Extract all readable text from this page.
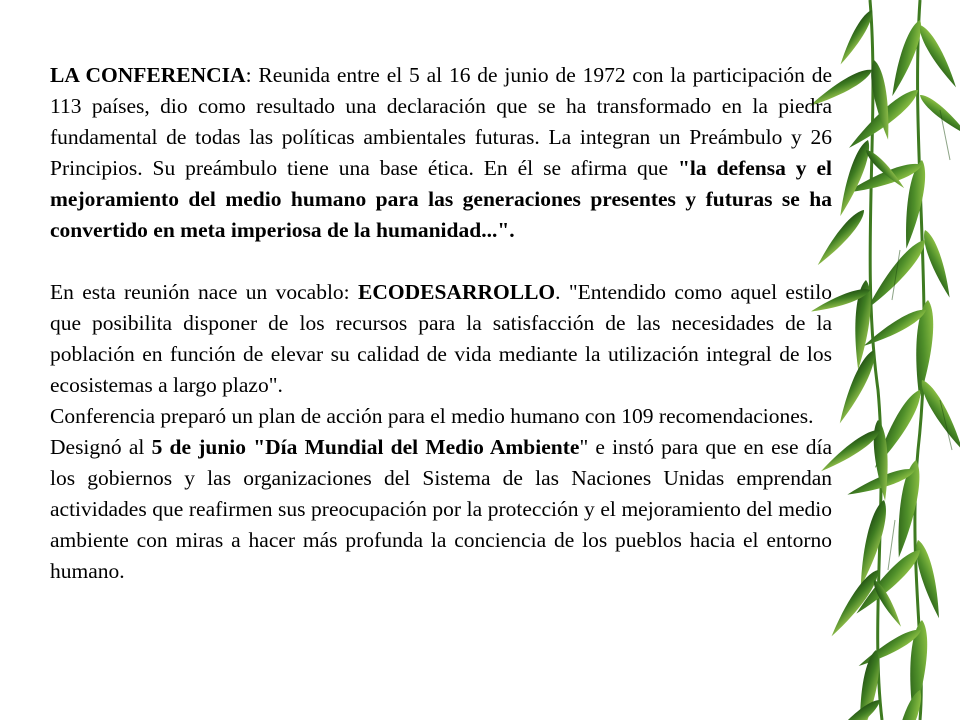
LA CONFERENCIA: Reunida entre el 5 al 16 de junio de 1972 con la participación de 113 países, dio como resultado una declaración que se ha transformado en la piedra fundamental de todas las políticas ambientales futuras. La integran un Preámbulo y 26 Principios. Su preámbulo tiene una base ética. En él se afirma que "la defensa y el mejoramiento del medio humano para las generaciones presentes y futuras se ha convertido en meta imperiosa de la humanidad...".

En esta reunión nace un vocablo: ECODESARROLLO. "Entendido como aquel estilo que posibilita disponer de los recursos para la satisfacción de las necesidades de la población en función de elevar su calidad de vida mediante la utilización integral de los ecosistemas a largo plazo".

Conferencia preparó un plan de acción para el medio humano con 109 recomendaciones.

Designó al 5 de junio "Día Mundial del Medio Ambiente" e instó para que en ese día los gobiernos y las organizaciones del Sistema de las Naciones Unidas emprendan actividades que reafirmen sus preocupación por la protección y el mejoramiento del medio ambiente con miras a hacer más profunda la conciencia de los pueblos hacia el entorno humano.
